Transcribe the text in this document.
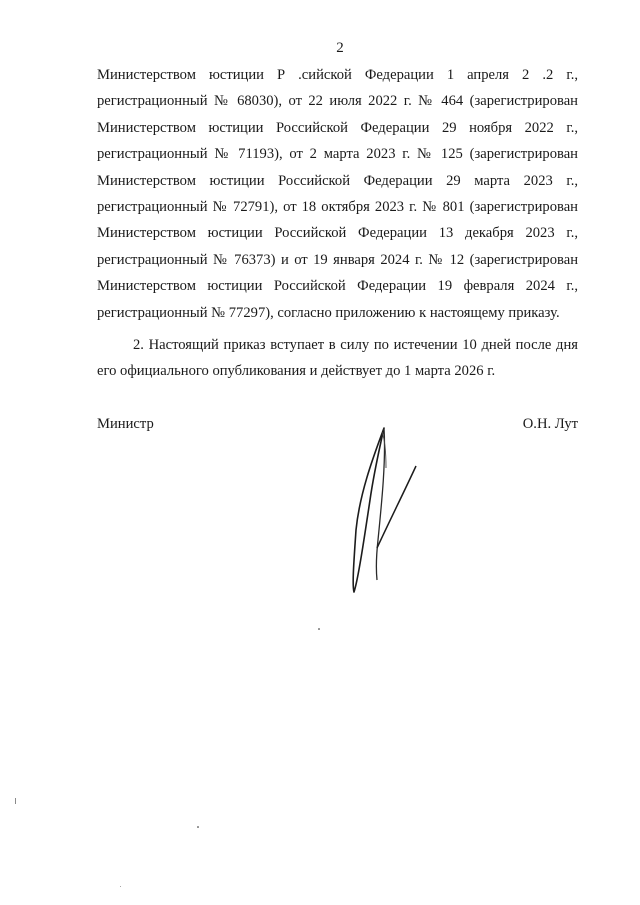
2
Министерством юстиции Р .сийской Федерации 1 апреля 2 .2 г.,
регистрационный № 68030), от 22 июля 2022 г. № 464 (зарегистрирован
Министерством юстиции Российской Федерации 29 ноября 2022 г.,
регистрационный № 71193), от 2 марта 2023 г. № 125 (зарегистрирован
Министерством юстиции Российской Федерации 29 марта 2023 г.,
регистрационный № 72791), от 18 октября 2023 г. № 801 (зарегистрирован
Министерством юстиции Российской Федерации 13 декабря 2023 г.,
регистрационный № 76373) и от 19 января 2024 г. № 12 (зарегистрирован
Министерством юстиции Российской Федерации 19 февраля 2024 г.,
регистрационный № 77297), согласно приложению к настоящему приказу.
2. Настоящий приказ вступает в силу по истечении 10 дней после дня
его официального опубликования и действует до 1 марта 2026 г.
Министр	О.Н. Лут
